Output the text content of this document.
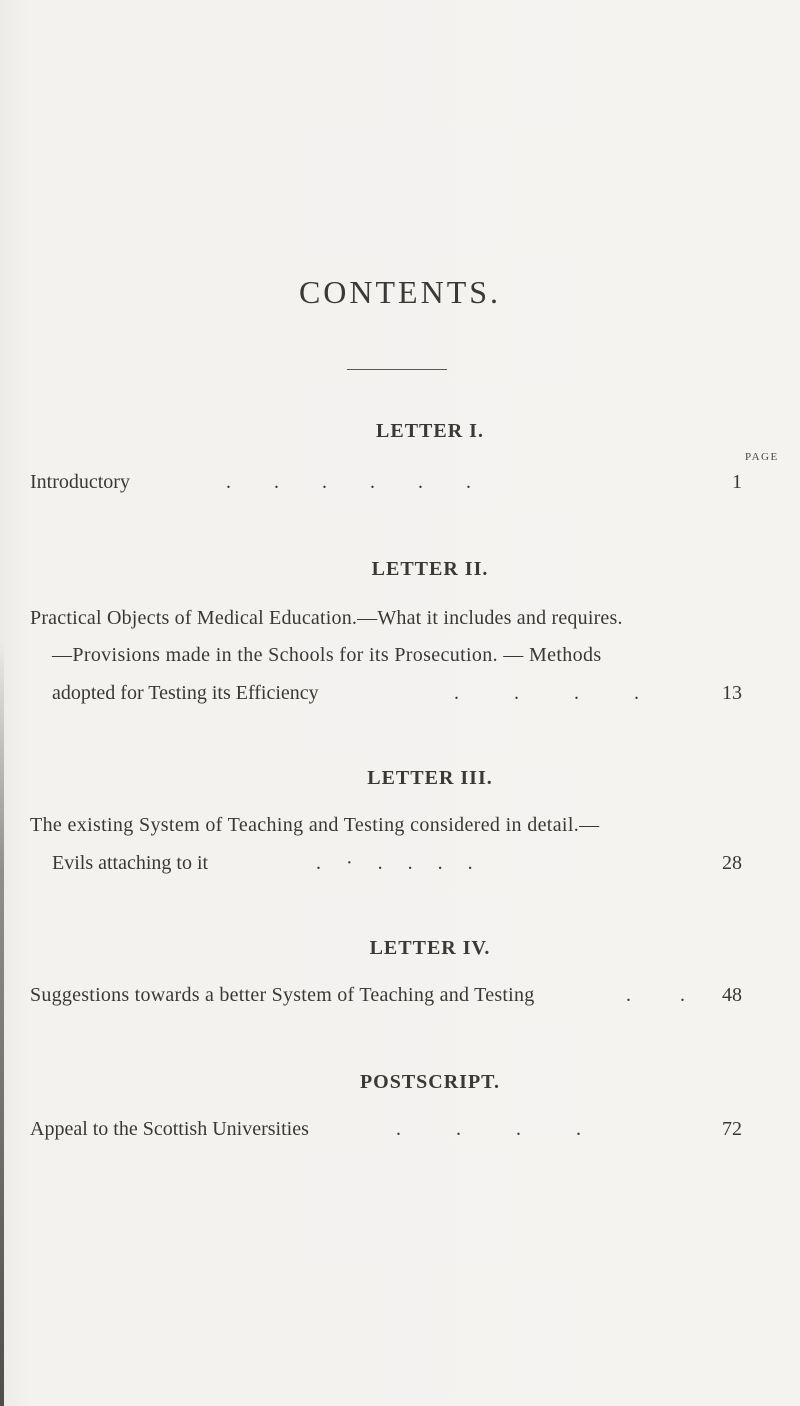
CONTENTS.
LETTER I.
PAGE
Introductory	. . . . . .	1
LETTER II.
Practical Objects of Medical Education.—What it includes and requires.
—Provisions made in the Schools for its Prosecution. — Methods
adopted for Testing its Efficiency	. . . .	13
LETTER III.
The existing System of Teaching and Testing considered in detail.—
Evils attaching to it	. · . . . .	28
LETTER IV.
Suggestions towards a better System of Teaching and Testing	. .	48
POSTSCRIPT.
Appeal to the Scottish Universities	. . . .	72
